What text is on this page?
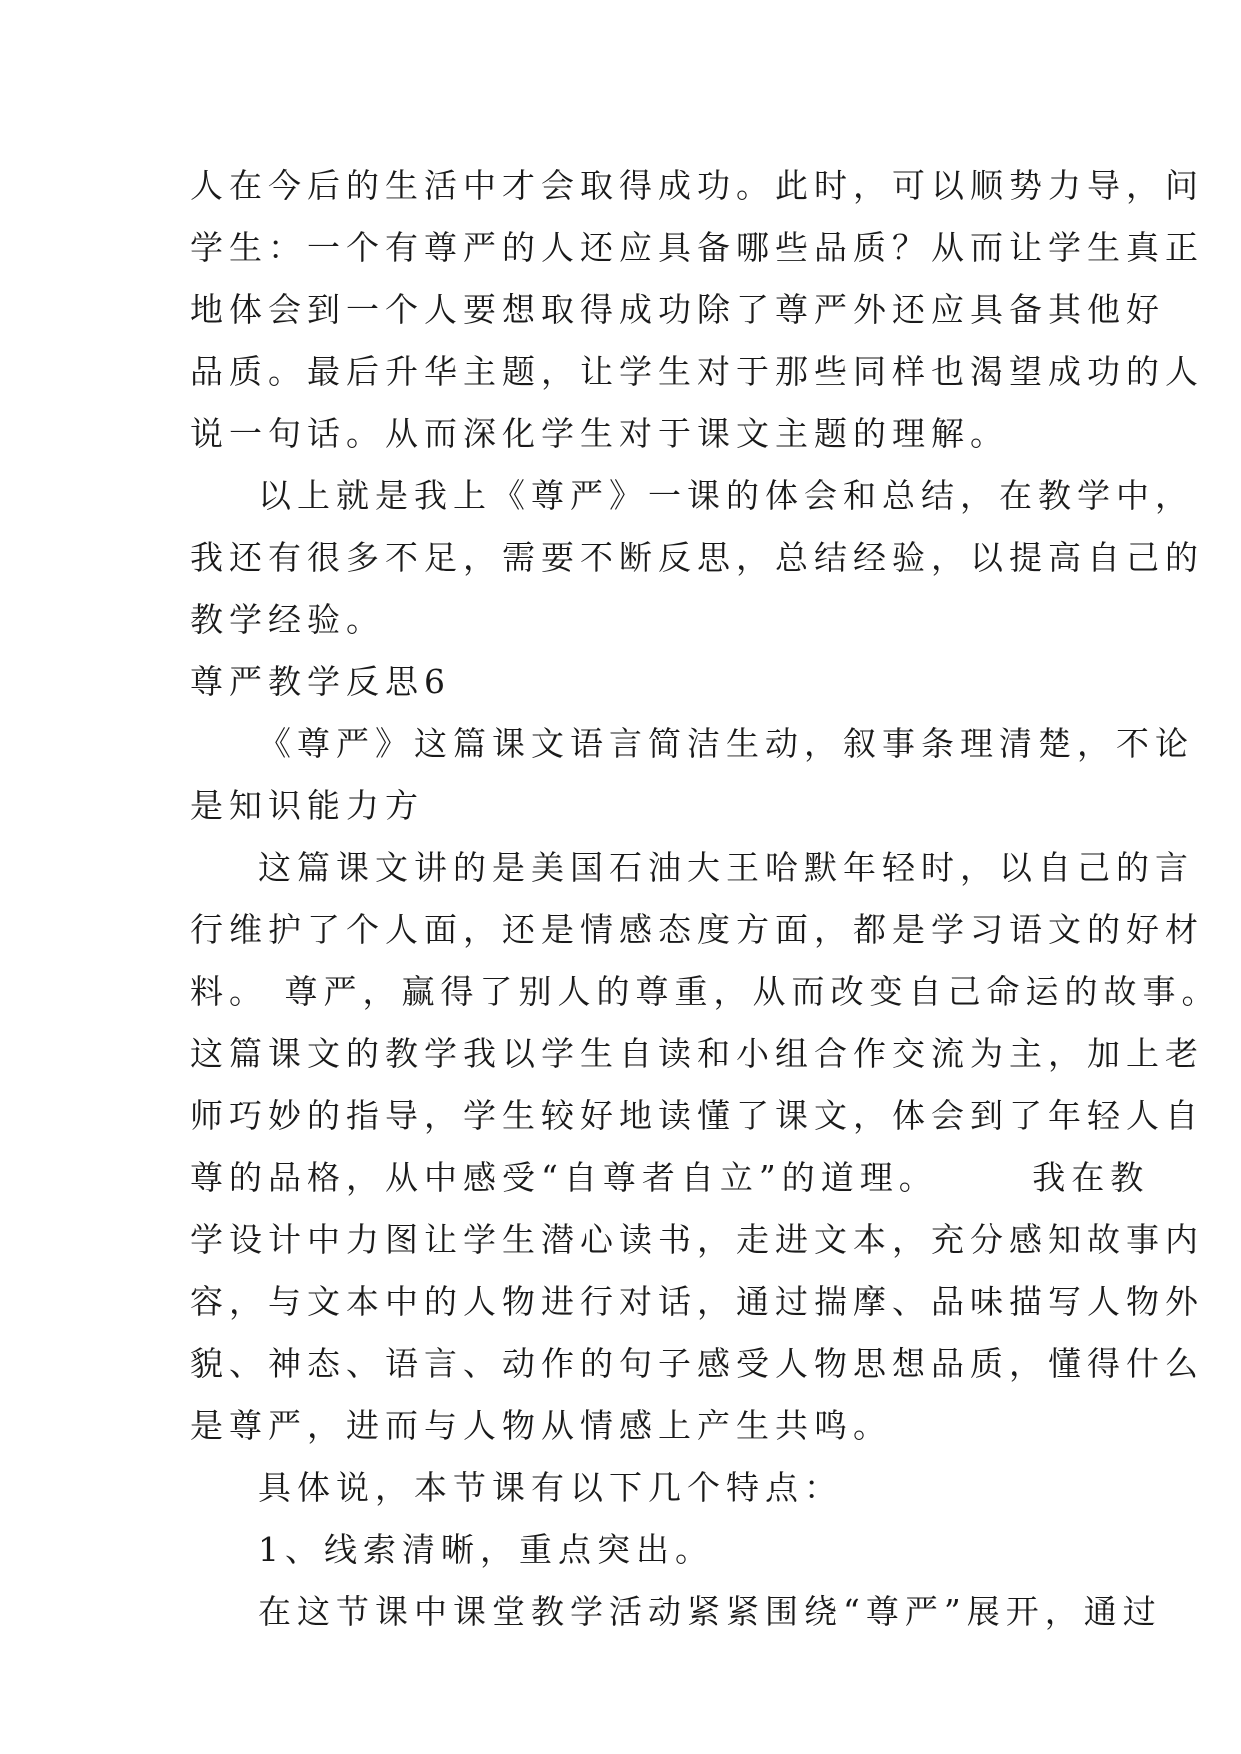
人在今后的生活中才会取得成功。此时，可以顺势力导，问
学生：一个有尊严的人还应具备哪些品质？从而让学生真正
地体会到一个人要想取得成功除了尊严外还应具备其他好
品质。最后升华主题，让学生对于那些同样也渴望成功的人
说一句话。从而深化学生对于课文主题的理解。
以上就是我上《尊严》一课的体会和总结，在教学中，
我还有很多不足，需要不断反思，总结经验，以提高自己的
教学经验。
尊严教学反思6
《尊严》这篇课文语言简洁生动，叙事条理清楚，不论
是知识能力方
这篇课文讲的是美国石油大王哈默年轻时，以自己的言
行维护了个人面，还是情感态度方面，都是学习语文的好材
料。 尊严，赢得了别人的尊重，从而改变自己命运的故事。
这篇课文的教学我以学生自读和小组合作交流为主，加上老
师巧妙的指导，学生较好地读懂了课文，体会到了年轻人自
尊的品格，从中感受“自尊者自立”的道理。 　　我在教
学设计中力图让学生潜心读书，走进文本，充分感知故事内
容，与文本中的人物进行对话，通过揣摩、品味描写人物外
貌、神态、语言、动作的句子感受人物思想品质，懂得什么
是尊严，进而与人物从情感上产生共鸣。
具体说，本节课有以下几个特点：
1、线索清晰，重点突出。
在这节课中课堂教学活动紧紧围绕“尊严”展开，通过
